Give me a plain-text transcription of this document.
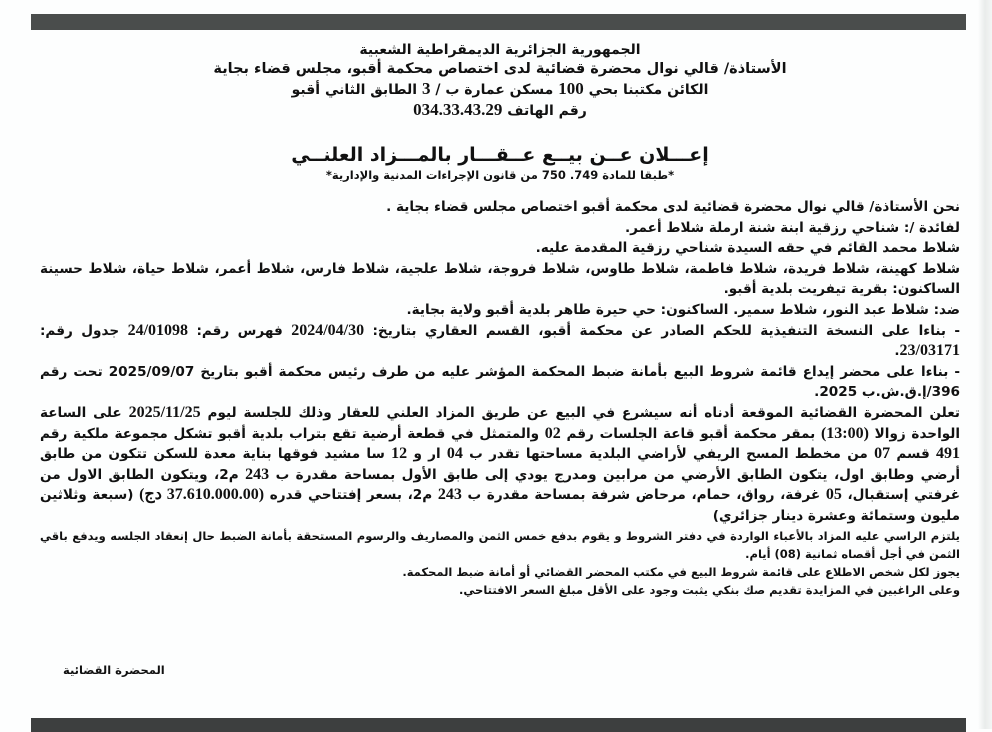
الجمهورية الجزائرية الديمقراطية الشعبية
الأستاذة/ قالي نوال محضرة قضائية لدى اختصاص محكمة أقبو، مجلس قضاء بجاية
الكائن مكتبنا بحي 100 مسكن عمارة ب / 3 الطابق الثاني أقبو
رقم الهاتف 034.33.43.29
إعـــلان عــن بيــع عــقـــار بالمـــزاد العلنــي
*طبقا للمادة 749. 750 من قانون الإجراءات المدنية والإدارية*

نحن الأستاذة/ قالي نوال محضرة قضائية لدى محكمة أقبو اختصاص مجلس قضاء بجاية .

لفائدة /: شناحي رزقية ابنة شنة ارملة شلاط أعمر.

شلاط محمد القائم في حقه السيدة شناحي رزقية المقدمة عليه.

شلاط كهينة، شلاط فريدة، شلاط فاطمة، شلاط طاوس، شلاط فروجة، شلاط علجية، شلاط فارس، شلاط أعمر، شلاط حياة، شلاط حسينة الساكنون: بقرية تيفريت بلدية أقبو.

ضد: شلاط عبد النور، شلاط سمير. الساكنون: حي حيرة طاهر بلدية أقبو ولاية بجاية.

- بناءا على النسخة التنفيذية للحكم الصادر عن محكمة أقبو، القسم العقاري بتاريخ: 2024/04/30 فهرس رقم: 24/01098 جدول رقم: 23/03171.

- بناءا على محضر إيداع قائمة شروط البيع بأمانة ضبط المحكمة المؤشر عليه من طرف رئيس محكمة أقبو بتاريخ 2025/09/07 تحت رقم 396/إ.ق.ش.ب 2025.

تعلن المحضرة القضائية الموقعة أدناه أنه سيشرع في البيع عن طريق المزاد العلني للعقار وذلك للجلسة ليوم 2025/11/25 على الساعة الواحدة زوالا (13:00) بمقر محكمة أقبو قاعة الجلسات رقم 02 والمتمثل في قطعة أرضية تقع بتراب بلدية أقبو تشكل مجموعة ملكية رقم 491 قسم 07 من مخطط المسح الريفي لأراضي البلدية مساحتها تقدر ب 04 ار و 12 سا مشيد فوقها بناية معدة للسكن تتكون من طابق أرضي وطابق اول، يتكون الطابق الأرضي من مرابين ومدرج يودي إلى طابق الأول بمساحة مقدرة ب 243 م2، ويتكون الطابق الاول من غرفتي إستقبال، 05 غرفة، رواق، حمام، مرحاض شرفة بمساحة مقدرة ب 243 م2، بسعر إفتتاحي قدره (37.610.000.00 دج) (سبعة وثلاثين مليون وستمائة وعشرة دينار جزائري)

يلتزم الراسي عليه المزاد بالأعباء الواردة في دفتر الشروط و يقوم بدفع خمس الثمن والمصاريف والرسوم المستحقة بأمانة الضبط حال إنعقاد الجلسه ويدفع باقي الثمن في أجل أقصاه ثمانية (08) أيام.

يجوز لكل شخص الاطلاع على قائمة شروط البيع في مكتب المحضر القضائي أو أمانة ضبط المحكمة.

وعلى الراغبين في المزايدة تقديم صك بنكي يثبت وجود على الأقل مبلغ السعر الافتتاحي.

المحضرة القضائية
